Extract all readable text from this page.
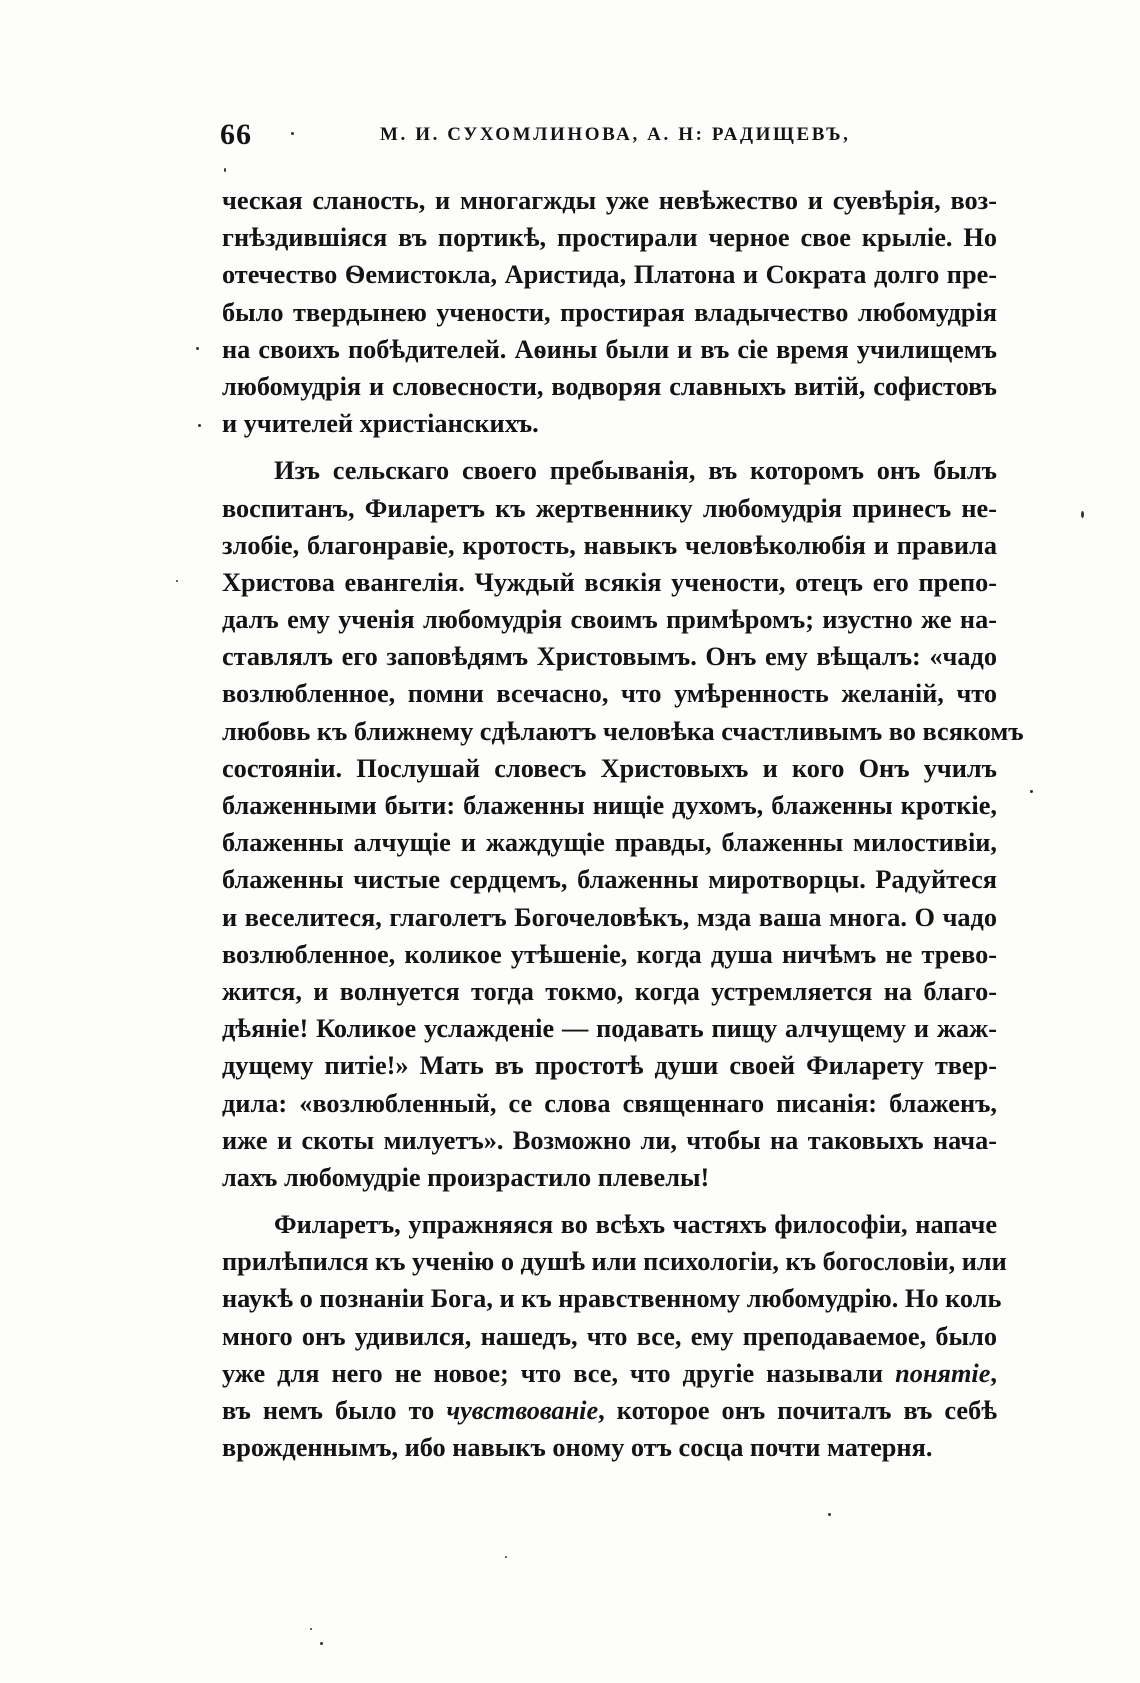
66	М. И. СУХОМЛИНОВА, А. Н: РАДИЩЕВЪ,
ческая сланость, и многагжды уже невѣжество и суевѣрія, воз-
гнѣздившіяся въ портикѣ, простирали черное свое крыліе. Но
отечество Ѳемистокла, Аристида, Платона и Сократа долго пре-
было твердынею учености, простирая владычество любомудрія
на своихъ побѣдителей. Аѳины были и въ сіе время училищемъ
любомудрія и словесности, водворяя славныхъ витій, софистовъ
и учителей христіанскихъ.
Изъ сельскаго своего пребыванія, въ которомъ онъ былъ
воспитанъ, Филаретъ къ жертвеннику любомудрія принесъ не-
злобіе, благонравіе, кротость, навыкъ человѣколюбія и правила
Христова евангелія. Чуждый всякія учености, отецъ его препо-
далъ ему ученія любомудрія своимъ примѣромъ; изустно же на-
ставлялъ его заповѣдямъ Христовымъ. Онъ ему вѣщалъ: «чадо
возлюбленное, помни всечасно, что умѣренность желаній, что
любовь къ ближнему сдѣлаютъ человѣка счастливымъ во всякомъ
состояніи. Послушай словесъ Христовыхъ и кого Онъ училъ
блаженными быти: блаженны нищіе духомъ, блаженны кроткіе,
блаженны алчущіе и жаждущіе правды, блаженны милостивіи,
блаженны чистые сердцемъ, блаженны миротворцы. Радуйтеся
и веселитеся, глаголетъ Богочеловѣкъ, мзда ваша многа. О чадо
возлюбленное, коликое утѣшеніе, когда душа ничѣмъ не трево-
жится, и волнуется тогда токмо, когда устремляется на благо-
дѣяніе! Коликое услажденіе — подавать пищу алчущему и жаж-
дущему питіе!» Мать въ простотѣ души своей Филарету твер-
дила: «возлюбленный, се слова священнаго писанія: блаженъ,
иже и скоты милуетъ». Возможно ли, чтобы на таковыхъ нача-
лахъ любомудріе произрастило плевелы!
Филаретъ, упражняяся во всѣхъ частяхъ философіи, напаче
прилѣпился къ ученію о душѣ или психологіи, къ богословіи, или
наукѣ о познаніи Бога, и къ нравственному любомудрію. Но коль
много онъ удивился, нашедъ, что все, ему преподаваемое, было
уже для него не новое; что все, что другіе называли понятіе,
въ немъ было то чувствованіе, которое онъ почиталъ въ себѣ
врожденнымъ, ибо навыкъ оному отъ сосца почти матерня.
